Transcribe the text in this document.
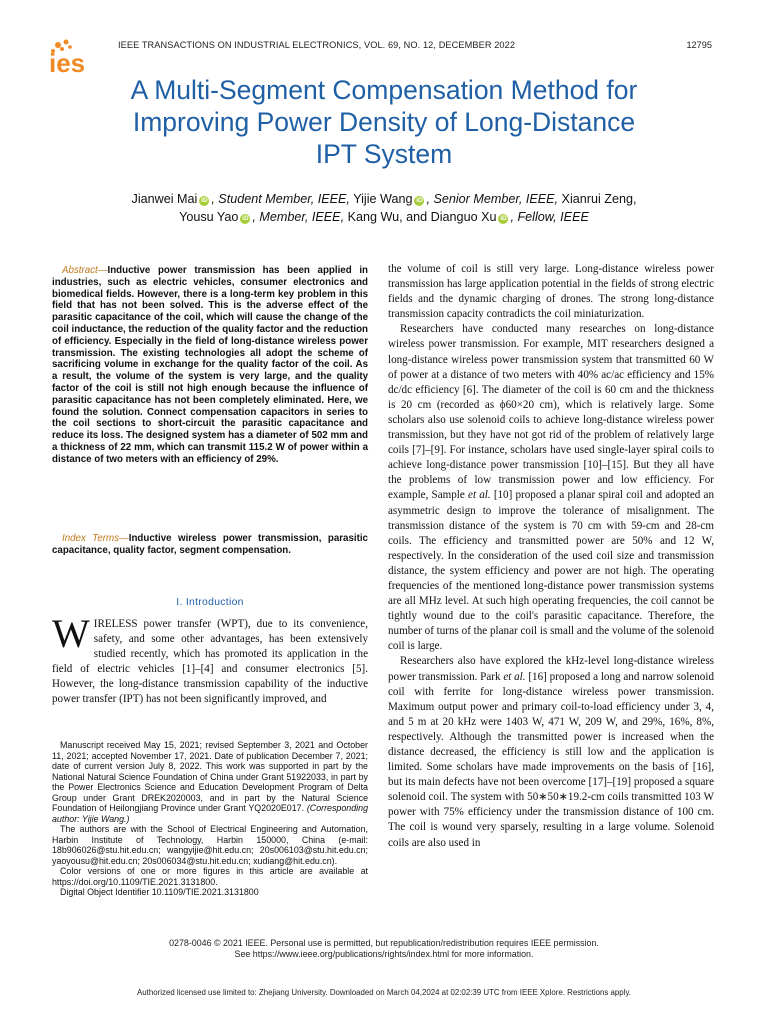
ies
IEEE TRANSACTIONS ON INDUSTRIAL ELECTRONICS, VOL. 69, NO. 12, DECEMBER 2022	12795
A Multi-Segment Compensation Method for
Improving Power Density of Long-Distance
IPT System
Jianwei Mai iD , Student Member, IEEE, Yijie Wang iD , Senior Member, IEEE, Xianrui Zeng,
Yousu Yao iD , Member, IEEE, Kang Wu, and Dianguo Xu iD , Fellow, IEEE

Abstract—Inductive power transmission has been applied in industries, such as electric vehicles, consumer electronics and biomedical fields. However, there is a long-term key problem in this field that has not been solved. This is the adverse effect of the parasitic capacitance of the coil, which will cause the change of the coil inductance, the reduction of the quality factor and the reduction of efficiency. Especially in the field of long-distance wireless power transmission. The existing technologies all adopt the scheme of sacrificing volume in exchange for the quality factor of the coil. As a result, the volume of the system is very large, and the quality factor of the coil is still not high enough because the influence of parasitic capacitance has not been completely eliminated. Here, we found the solution. Connect compensation capacitors in series to the coil sections to short-circuit the parasitic capacitance and reduce its loss. The designed system has a diameter of 502 mm and a thickness of 22 mm, which can transmit 115.2 W of power within a distance of two meters with an efficiency of 29%.

Index Terms—Inductive wireless power transmission, parasitic capacitance, quality factor, segment compensation.

I. Introduction

WIRELESS power transfer (WPT), due to its convenience, safety, and some other advantages, has been extensively studied recently, which has promoted its application in the field of electric vehicles [1]–[4] and consumer electronics [5]. However, the long-distance transmission capability of the inductive power transfer (IPT) has not been significantly improved, and

Manuscript received May 15, 2021; revised September 3, 2021 and October 11, 2021; accepted November 17, 2021. Date of publication December 7, 2021; date of current version July 8, 2022. This work was supported in part by the National Natural Science Foundation of China under Grant 51922033, in part by the Power Electronics Science and Education Development Program of Delta Group under Grant DREK2020003, and in part by the Natural Science Foundation of Heilongjiang Province under Grant YQ2020E017. (Corresponding author: Yijie Wang.)

The authors are with the School of Electrical Engineering and Automation, Harbin Institute of Technology, Harbin 150000, China (e-mail: 18b906026@stu.hit.edu.cn; wangyijie@hit.edu.cn; 20s006103@stu.hit.edu.cn; yaoyousu@hit.edu.cn; 20s006034@stu.hit.edu.cn; xudiang@hit.edu.cn).

Color versions of one or more figures in this article are available at https://doi.org/10.1109/TIE.2021.3131800.

Digital Object Identifier 10.1109/TIE.2021.3131800

the volume of coil is still very large. Long-distance wireless power transmission has large application potential in the fields of strong electric fields and the dynamic charging of drones. The strong long-distance transmission capacity contradicts the coil miniaturization.

Researchers have conducted many researches on long-distance wireless power transmission. For example, MIT researchers designed a long-distance wireless power transmission system that transmitted 60 W of power at a distance of two meters with 40% ac/ac efficiency and 15% dc/dc efficiency [6]. The diameter of the coil is 60 cm and the thickness is 20 cm (recorded as ϕ60×20 cm), which is relatively large. Some scholars also use solenoid coils to achieve long-distance wireless power transmission, but they have not got rid of the problem of relatively large coils [7]–[9]. For instance, scholars have used single-layer spiral coils to achieve long-distance power transmission [10]–[15]. But they all have the problems of low transmission power and low efficiency. For example, Sample et al. [10] proposed a planar spiral coil and adopted an asymmetric design to improve the tolerance of misalignment. The transmission distance of the system is 70 cm with 59-cm and 28-cm coils. The efficiency and transmitted power are 50% and 12 W, respectively. In the consideration of the used coil size and transmission distance, the system efficiency and power are not high. The operating frequencies of the mentioned long-distance power transmission systems are all MHz level. At such high operating frequencies, the coil cannot be tightly wound due to the coil's parasitic capacitance. Therefore, the number of turns of the planar coil is small and the volume of the solenoid coil is large.

Researchers also have explored the kHz-level long-distance wireless power transmission. Park et al. [16] proposed a long and narrow solenoid coil with ferrite for long-distance wireless power transmission. Maximum output power and primary coil-to-load efficiency under 3, 4, and 5 m at 20 kHz were 1403 W, 471 W, 209 W, and 29%, 16%, 8%, respectively. Although the transmitted power is increased when the distance decreased, the efficiency is still low and the application is limited. Some scholars have made improvements on the basis of [16], but its main defects have not been overcome [17]–[19] proposed a square solenoid coil. The system with 50∗50∗19.2-cm coils transmitted 103 W power with 75% efficiency under the transmission distance of 100 cm. The coil is wound very sparsely, resulting in a large volume. Solenoid coils are also used in

0278-0046 © 2021 IEEE. Personal use is permitted, but republication/redistribution requires IEEE permission.
See https://www.ieee.org/publications/rights/index.html for more information.
Authorized licensed use limited to: Zhejiang University. Downloaded on March 04,2024 at 02:02:39 UTC from IEEE Xplore. Restrictions apply.
